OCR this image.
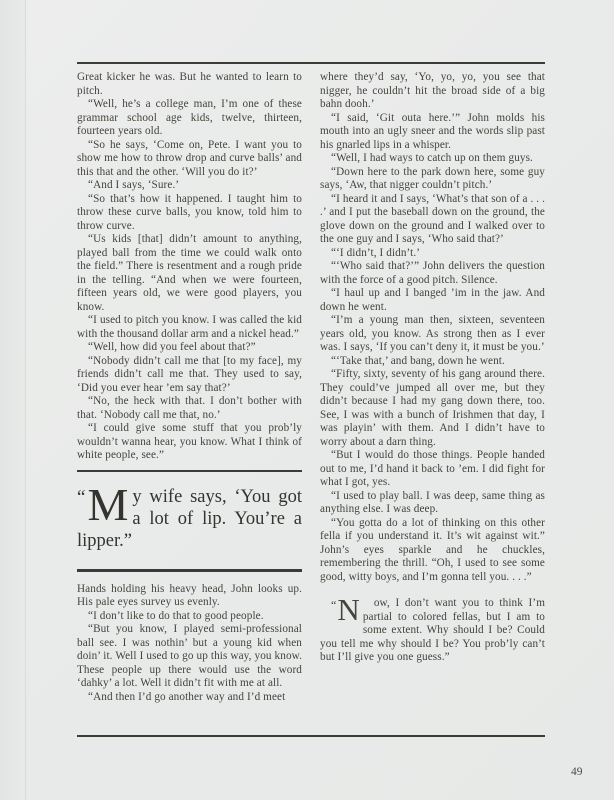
Great kicker he was. But he wanted to learn to pitch.

“Well, he’s a college man, I’m one of these grammar school age kids, twelve, thirteen, fourteen years old.

“So he says, ‘Come on, Pete. I want you to show me how to throw drop and curve balls’ and this that and the other. ‘Will you do it?’

“And I says, ‘Sure.’

“So that’s how it happened. I taught him to throw these curve balls, you know, told him to throw curve.

“Us kids [that] didn’t amount to anything, played ball from the time we could walk onto the field.” There is resentment and a rough pride in the telling. “And when we were fourteen, fifteen years old, we were good players, you know.

“I used to pitch you know. I was called the kid with the thousand dollar arm and a nickel head.”

“Well, how did you feel about that?”

“Nobody didn’t call me that [to my face], my friends didn’t call me that. They used to say, ‘Did you ever hear ’em say that?’

“No, the heck with that. I don’t bother with that. ‘Nobody call me that, no.’

“I could give some stuff that you prob’ly wouldn’t wanna hear, you know. What I think of white people, see.”

“M y wife says, ‘You got a lot of lip. You’re a lipper.”

Hands holding his heavy head, John looks up. His pale eyes survey us evenly.

“I don’t like to do that to good people.

“But you know, I played semi-professional ball see. I was nothin’ but a young kid when doin’ it. Well I used to go up this way, you know. These people up there would use the word ‘dahky’ a lot. Well it didn’t fit with me at all.

“And then I’d go another way and I’d meet

where they’d say, ‘Yo, yo, yo, you see that nigger, he couldn’t hit the broad side of a big bahn dooh.’

“I said, ‘Git outa here.’” John molds his mouth into an ugly sneer and the words slip past his gnarled lips in a whisper.

“Well, I had ways to catch up on them guys.

“Down here to the park down here, some guy says, ‘Aw, that nigger couldn’t pitch.’

“I heard it and I says, ‘What’s that son of a . . . .’ and I put the baseball down on the ground, the glove down on the ground and I walked over to the one guy and I says, ‘Who said that?’

“‘I didn’t, I didn’t.’

“‘Who said that?’” John delivers the question with the force of a good pitch. Silence.

“I haul up and I banged ’im in the jaw. And down he went.

“I’m a young man then, sixteen, seventeen years old, you know. As strong then as I ever was. I says, ‘If you can’t deny it, it must be you.’

“‘Take that,’ and bang, down he went.

“Fifty, sixty, seventy of his gang around there. They could’ve jumped all over me, but they didn’t because I had my gang down there, too. See, I was with a bunch of Irishmen that day, I was playin’ with them. And I didn’t have to worry about a darn thing.

“But I would do those things. People handed out to me, I’d hand it back to ’em. I did fight for what I got, yes.

“I used to play ball. I was deep, same thing as anything else. I was deep.

“You gotta do a lot of thinking on this other fella if you understand it. It’s wit against wit.” John’s eyes sparkle and he chuckles, remembering the thrill. “Oh, I used to see some good, witty boys, and I’m gonna tell you. . . .”

“N ow, I don’t want you to think I’m partial to colored fellas, but I am to some extent. Why should I be? Could you tell me why should I be? You prob’ly can’t but I’ll give you one guess.”

49
